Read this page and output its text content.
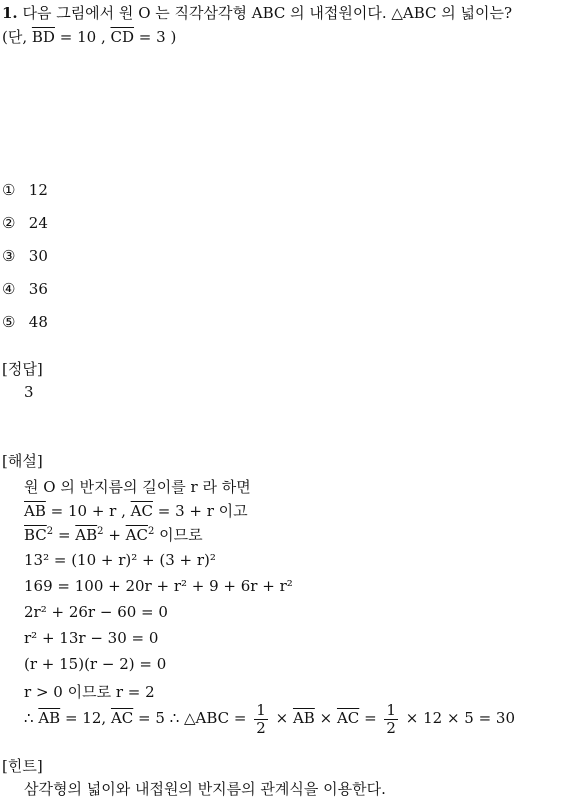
1. 다음 그림에서 원 O 는 직각삼각형 ABC 의 내접원이다. △ABC 의 넓이는?
(단, $\overline{BD} = 10$ , $\overline{CD} = 3$ )
① 12
② 24
③ 30
④ 36
⑤ 48
[정답]
3
[해설]
원 O 의 반지름의 길이를 r 라 하면
$\overline{AB} = 10 + r$ , $\overline{AC} = 3 + r$ 이고
$\overline{BC}^2 = \overline{AB}^2 + \overline{AC}^2$ 이므로
13² = (10 + r)² + (3 + r)²
169 = 100 + 20r + r² + 9 + 6r + r²
2r² + 26r − 60 = 0
r² + 13r − 30 = 0
(r + 15)(r − 2) = 0
r > 0 이므로 r = 2
∴ $\overline{AB} = 12$, $\overline{AC} = 5$ ∴ △ABC = $\frac{1}{2} \times \overline{AB} \times \overline{AC} = \frac{1}{2} \times 12 \times 5 = 30$
[힌트]
삼각형의 넓이와 내접원의 반지름의 관계식을 이용한다.
